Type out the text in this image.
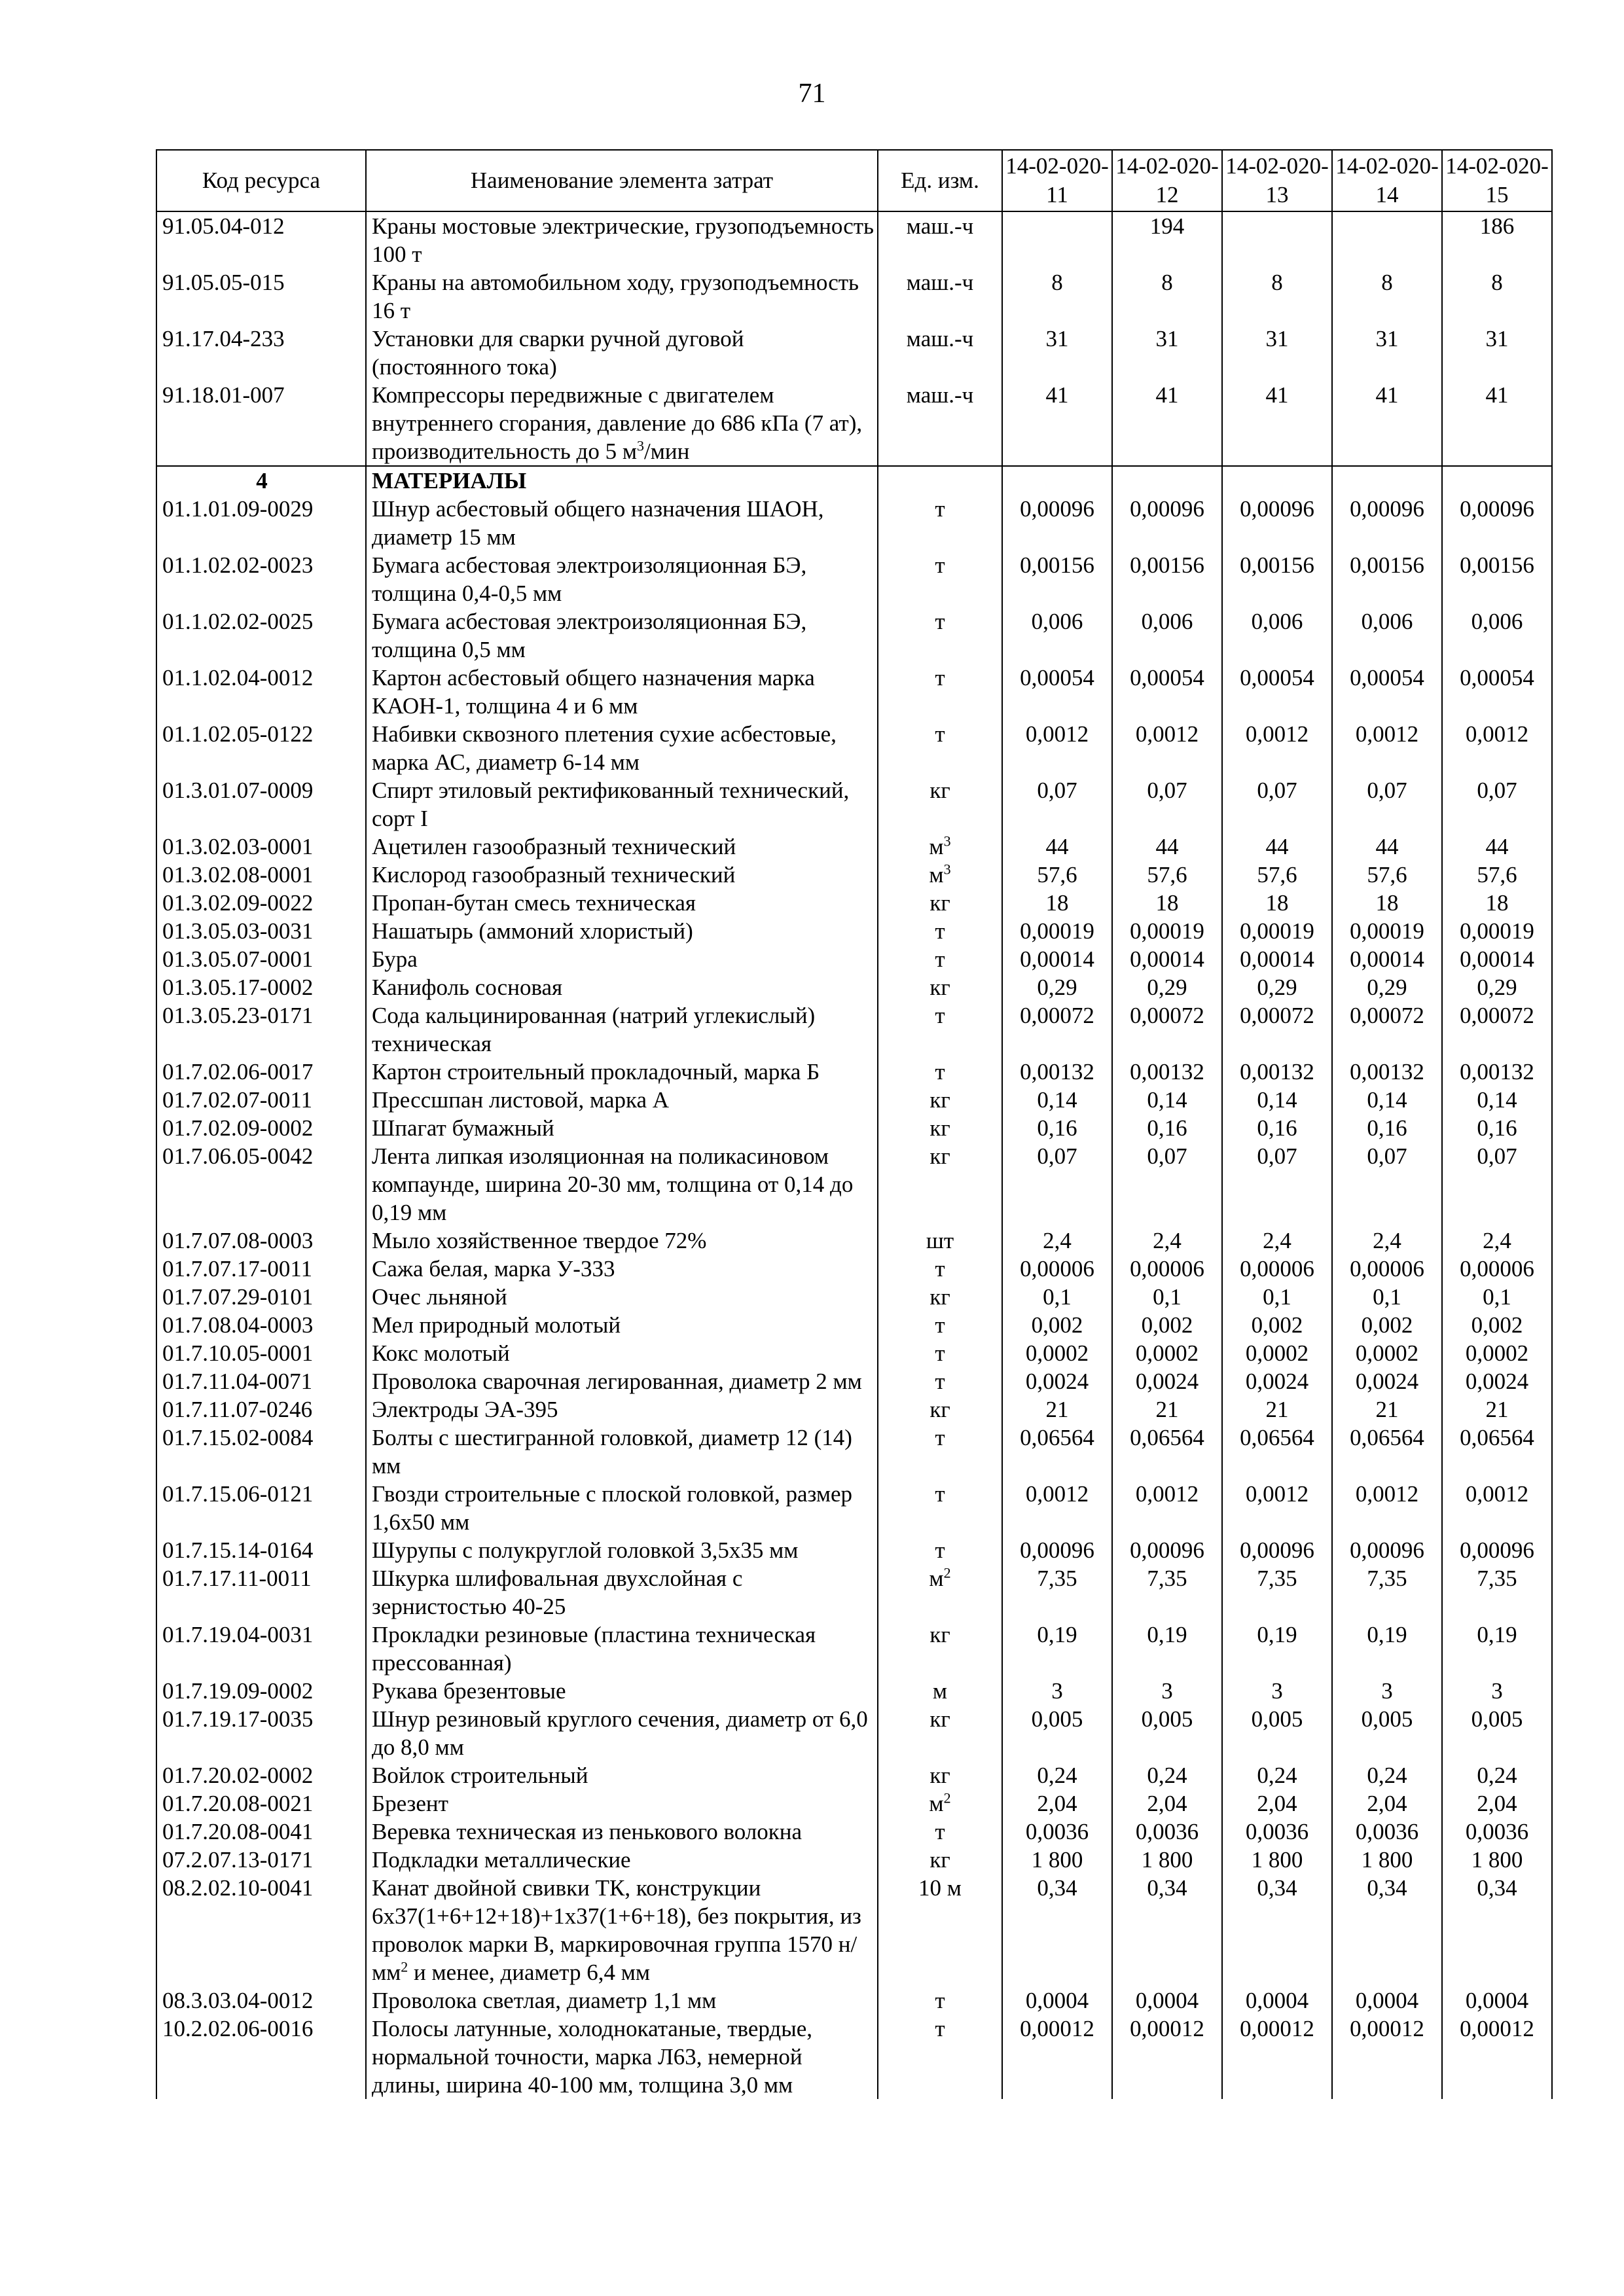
71
Код ресурса	Наименование элемента затрат	Ед. изм.	14-02-020-11	14-02-020-12	14-02-020-13	14-02-020-14	14-02-020-15
91.05.04-012	Краны мостовые электрические, грузоподъемность 100 т	маш.-ч		194			186
91.05.05-015	Краны на автомобильном ходу, грузоподъемность 16 т	маш.-ч	8	8	8	8	8
91.17.04-233	Установки для сварки ручной дуговой (постоянного тока)	маш.-ч	31	31	31	31	31
91.18.01-007	Компрессоры передвижные с двигателем внутреннего сгорания, давление до 686 кПа (7 ат), производительность до 5 $м^3$/мин	маш.-ч	41	41	41	41	41
4	МАТЕРИАЛЫ						
01.1.01.09-0029	Шнур асбестовый общего назначения ШАОН, диаметр 15 мм	т	0,00096	0,00096	0,00096	0,00096	0,00096
01.1.02.02-0023	Бумага асбестовая электроизоляционная БЭ, толщина 0,4-0,5 мм	т	0,00156	0,00156	0,00156	0,00156	0,00156
01.1.02.02-0025	Бумага асбестовая электроизоляционная БЭ, толщина 0,5 мм	т	0,006	0,006	0,006	0,006	0,006
01.1.02.04-0012	Картон асбестовый общего назначения марка КАОН-1, толщина 4 и 6 мм	т	0,00054	0,00054	0,00054	0,00054	0,00054
01.1.02.05-0122	Набивки сквозного плетения сухие асбестовые, марка АС, диаметр 6-14 мм	т	0,0012	0,0012	0,0012	0,0012	0,0012
01.3.01.07-0009	Спирт этиловый ректификованный технический, сорт I	кг	0,07	0,07	0,07	0,07	0,07
01.3.02.03-0001	Ацетилен газообразный технический	$м^3$	44	44	44	44	44
01.3.02.08-0001	Кислород газообразный технический	$м^3$	57,6	57,6	57,6	57,6	57,6
01.3.02.09-0022	Пропан-бутан смесь техническая	кг	18	18	18	18	18
01.3.05.03-0031	Нашатырь (аммоний хлористый)	т	0,00019	0,00019	0,00019	0,00019	0,00019
01.3.05.07-0001	Бура	т	0,00014	0,00014	0,00014	0,00014	0,00014
01.3.05.17-0002	Канифоль сосновая	кг	0,29	0,29	0,29	0,29	0,29
01.3.05.23-0171	Сода кальцинированная (натрий углекислый) техническая	т	0,00072	0,00072	0,00072	0,00072	0,00072
01.7.02.06-0017	Картон строительный прокладочный, марка Б	т	0,00132	0,00132	0,00132	0,00132	0,00132
01.7.02.07-0011	Прессшпан листовой, марка А	кг	0,14	0,14	0,14	0,14	0,14
01.7.02.09-0002	Шпагат бумажный	кг	0,16	0,16	0,16	0,16	0,16
01.7.06.05-0042	Лента липкая изоляционная на поликасиновом компаунде, ширина 20-30 мм, толщина от 0,14 до 0,19 мм	кг	0,07	0,07	0,07	0,07	0,07
01.7.07.08-0003	Мыло хозяйственное твердое 72%	шт	2,4	2,4	2,4	2,4	2,4
01.7.07.17-0011	Сажа белая, марка У-333	т	0,00006	0,00006	0,00006	0,00006	0,00006
01.7.07.29-0101	Очес льняной	кг	0,1	0,1	0,1	0,1	0,1
01.7.08.04-0003	Мел природный молотый	т	0,002	0,002	0,002	0,002	0,002
01.7.10.05-0001	Кокс молотый	т	0,0002	0,0002	0,0002	0,0002	0,0002
01.7.11.04-0071	Проволока сварочная легированная, диаметр 2 мм	т	0,0024	0,0024	0,0024	0,0024	0,0024
01.7.11.07-0246	Электроды ЭА-395	кг	21	21	21	21	21
01.7.15.02-0084	Болты с шестигранной головкой, диаметр 12 (14) мм	т	0,06564	0,06564	0,06564	0,06564	0,06564
01.7.15.06-0121	Гвозди строительные с плоской головкой, размер 1,6x50 мм	т	0,0012	0,0012	0,0012	0,0012	0,0012
01.7.15.14-0164	Шурупы с полукруглой головкой 3,5x35 мм	т	0,00096	0,00096	0,00096	0,00096	0,00096
01.7.17.11-0011	Шкурка шлифовальная двухслойная с зернистостью 40-25	$м^2$	7,35	7,35	7,35	7,35	7,35
01.7.19.04-0031	Прокладки резиновые (пластина техническая прессованная)	кг	0,19	0,19	0,19	0,19	0,19
01.7.19.09-0002	Рукава брезентовые	м	3	3	3	3	3
01.7.19.17-0035	Шнур резиновый круглого сечения, диаметр от 6,0 до 8,0 мм	кг	0,005	0,005	0,005	0,005	0,005
01.7.20.02-0002	Войлок строительный	кг	0,24	0,24	0,24	0,24	0,24
01.7.20.08-0021	Брезент	$м^2$	2,04	2,04	2,04	2,04	2,04
01.7.20.08-0041	Веревка техническая из пенькового волокна	т	0,0036	0,0036	0,0036	0,0036	0,0036
07.2.07.13-0171	Подкладки металлические	кг	1 800	1 800	1 800	1 800	1 800
08.2.02.10-0041	Канат двойной свивки ТК, конструкции 6x37(1+6+12+18)+1x37(1+6+18), без покрытия, из проволок марки В, маркировочная группа 1570 $н/мм^2$ и менее, диаметр 6,4 мм	10 м	0,34	0,34	0,34	0,34	0,34
08.3.03.04-0012	Проволока светлая, диаметр 1,1 мм	т	0,0004	0,0004	0,0004	0,0004	0,0004
10.2.02.06-0016	Полосы латунные, холоднокатаные, твердые, нормальной точности, марка Л63, немерной длины, ширина 40-100 мм, толщина 3,0 мм	т	0,00012	0,00012	0,00012	0,00012	0,00012
